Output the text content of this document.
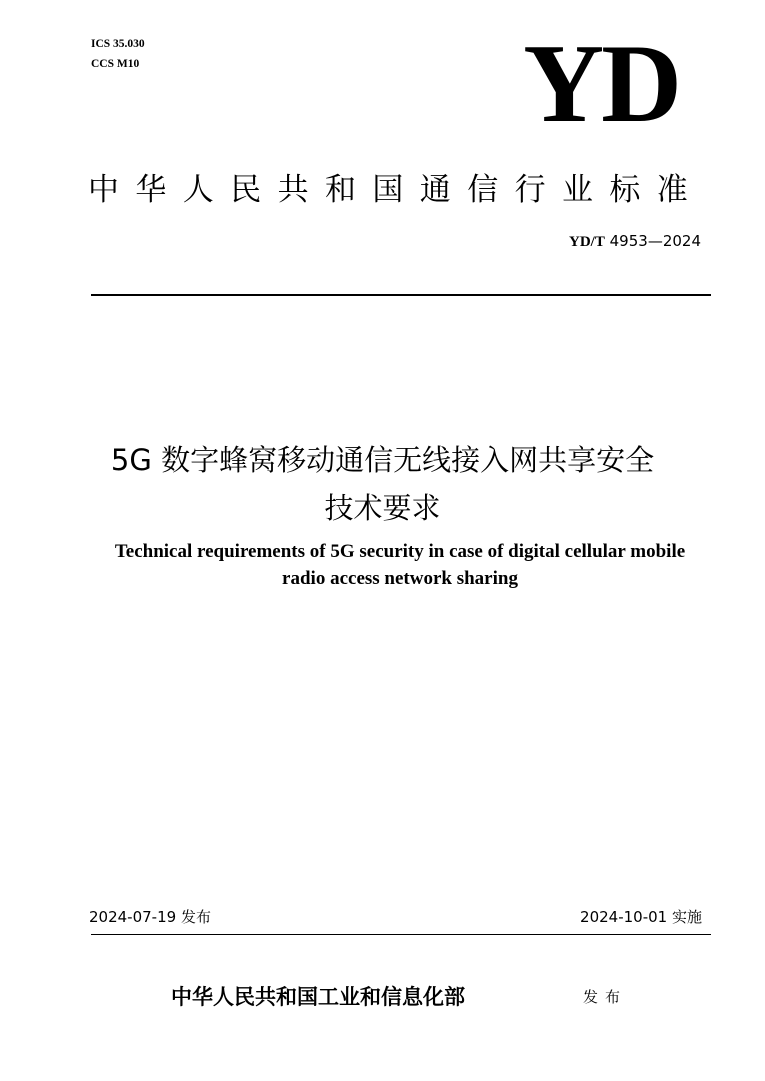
ICS 35.030
CCS M10	YD
中华人民共和国通信行业标准
YD/T 4953—2024
5G 数字蜂窝移动通信无线接入网共享安全
技术要求
Technical requirements of 5G security in case of digital cellular mobile
radio access network sharing
2024-07-19 发布	2024-10-01 实施
中华人民共和国工业和信息化部	发布
